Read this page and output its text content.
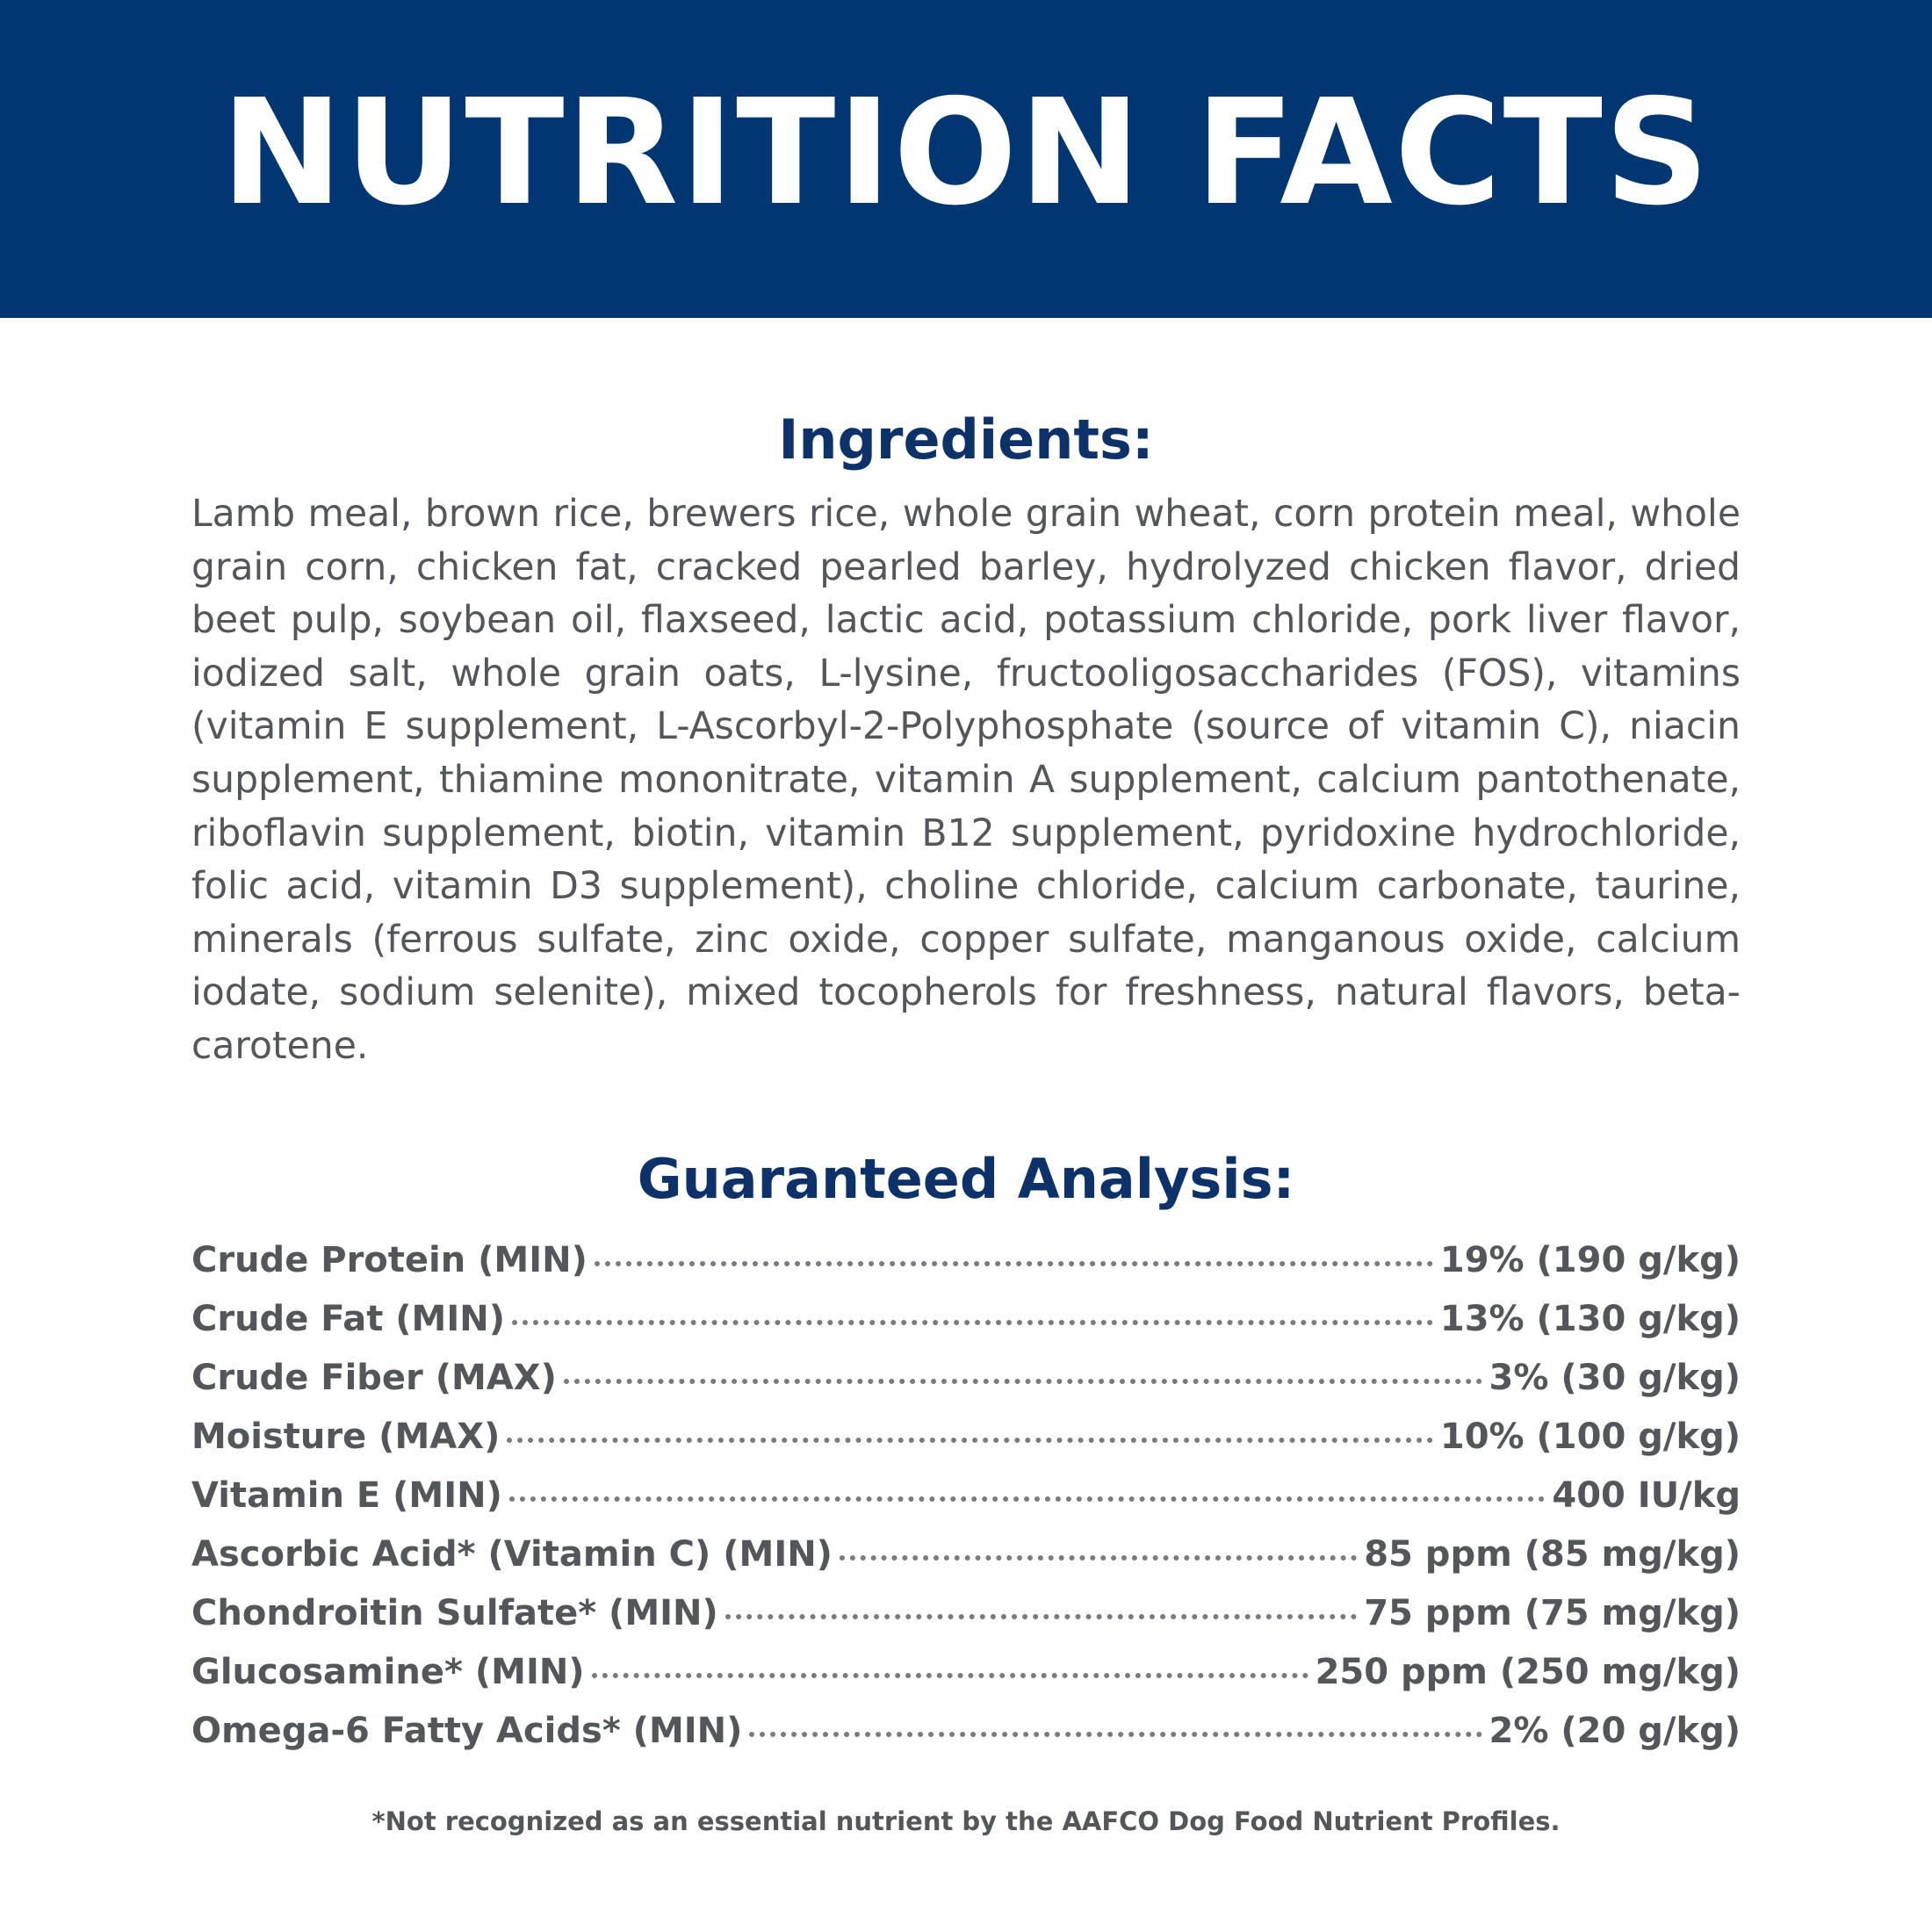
NUTRITION FACTS
Ingredients:

Lamb meal, brown rice, brewers rice, whole grain wheat, corn protein meal, whole grain corn, chicken fat, cracked pearled barley, hydrolyzed chicken flavor, dried beet pulp, soybean oil, flaxseed, lactic acid, potassium chloride, pork liver flavor, iodized salt, whole grain oats, L-lysine, fructooligosaccharides (FOS), vitamins (vitamin E supplement, L-Ascorbyl-2-Polyphosphate (source of vitamin C), niacin supplement, thiamine mononitrate, vitamin A supplement, calcium pantothenate, riboflavin supplement, biotin, vitamin B12 supplement, pyridoxine hydrochloride, folic acid, vitamin D3 supplement), choline chloride, calcium carbonate, taurine, minerals (ferrous sulfate, zinc oxide, copper sulfate, manganous oxide, calcium iodate, sodium selenite), mixed tocopherols for freshness, natural flavors, beta-carotene.

Guaranteed Analysis:
Crude Protein (MIN)	19% (190 g/kg)
Crude Fat (MIN)	13% (130 g/kg)
Crude Fiber (MAX)	3% (30 g/kg)
Moisture (MAX)	10% (100 g/kg)
Vitamin E (MIN)	400 IU/kg
Ascorbic Acid* (Vitamin C) (MIN)	85 ppm (85 mg/kg)
Chondroitin Sulfate* (MIN)	75 ppm (75 mg/kg)
Glucosamine* (MIN)	250 ppm (250 mg/kg)
Omega-6 Fatty Acids* (MIN)	2% (20 g/kg)
*Not recognized as an essential nutrient by the AAFCO Dog Food Nutrient Profiles.
